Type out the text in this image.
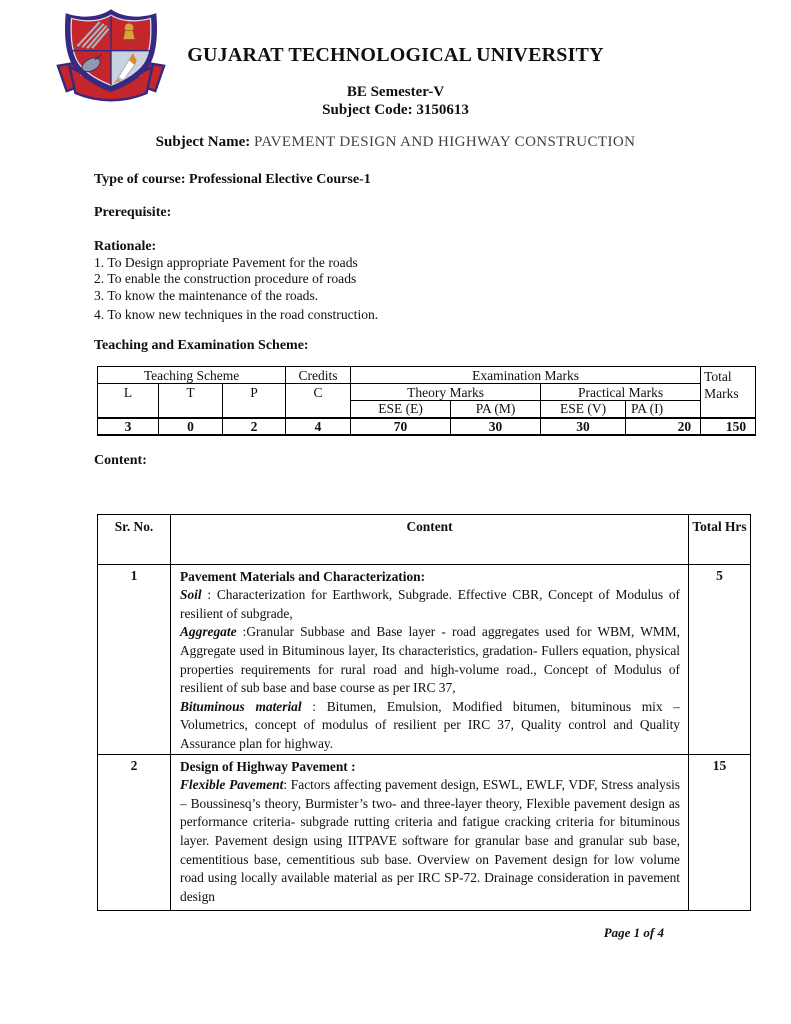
GUJARAT TECHNOLOGICAL UNIVERSITY

BE Semester-V

Subject Code: 3150613

Subject Name: PAVEMENT DESIGN AND HIGHWAY CONSTRUCTION

Type of course: Professional Elective Course-1

Prerequisite:

Rationale:

1. To Design appropriate Pavement for the roads

2. To enable the construction procedure of roads

3. To know the maintenance of the roads.

4. To know new techniques in the road construction.

Teaching and Examination Scheme:

Teaching Scheme			Credits	Examination Marks				Total Marks
L	T	P	C	Theory Marks		Practical Marks		
				ESE (E)	PA (M)	ESE (V)	PA (I)	
3	0	2	4	70	30	30	20	150

Content:

Sr. No.	Content	Total Hrs
1	Pavement Materials and Characterization:

Soil : Characterization for Earthwork, Subgrade. Effective CBR, Concept of Modulus of resilient of subgrade,

Aggregate :Granular Subbase and Base layer - road aggregates used for WBM, WMM, Aggregate used in Bituminous layer, Its characteristics, gradation- Fullers equation, physical properties requirements for rural road and high-volume road., Concept of Modulus of resilient of sub base and base course as per IRC 37,

Bituminous material : Bitumen, Emulsion, Modified bitumen, bituminous mix – Volumetrics, concept of modulus of resilient per IRC 37, Quality control and Quality Assurance plan for highway.	5
2	Design of Highway Pavement :

Flexible Pavement: Factors affecting pavement design, ESWL, EWLF, VDF, Stress analysis – Boussinesq’s theory, Burmister’s two- and three-layer theory, Flexible pavement design as performance criteria- subgrade rutting criteria and fatigue cracking criteria for bituminous layer. Pavement design using IITPAVE software for granular base and granular sub base, cementitious base, cementitious sub base. Overview on Pavement design for low volume road using locally available material as per IRC SP-72. Drainage consideration in pavement design	15
Page 1 of 4
